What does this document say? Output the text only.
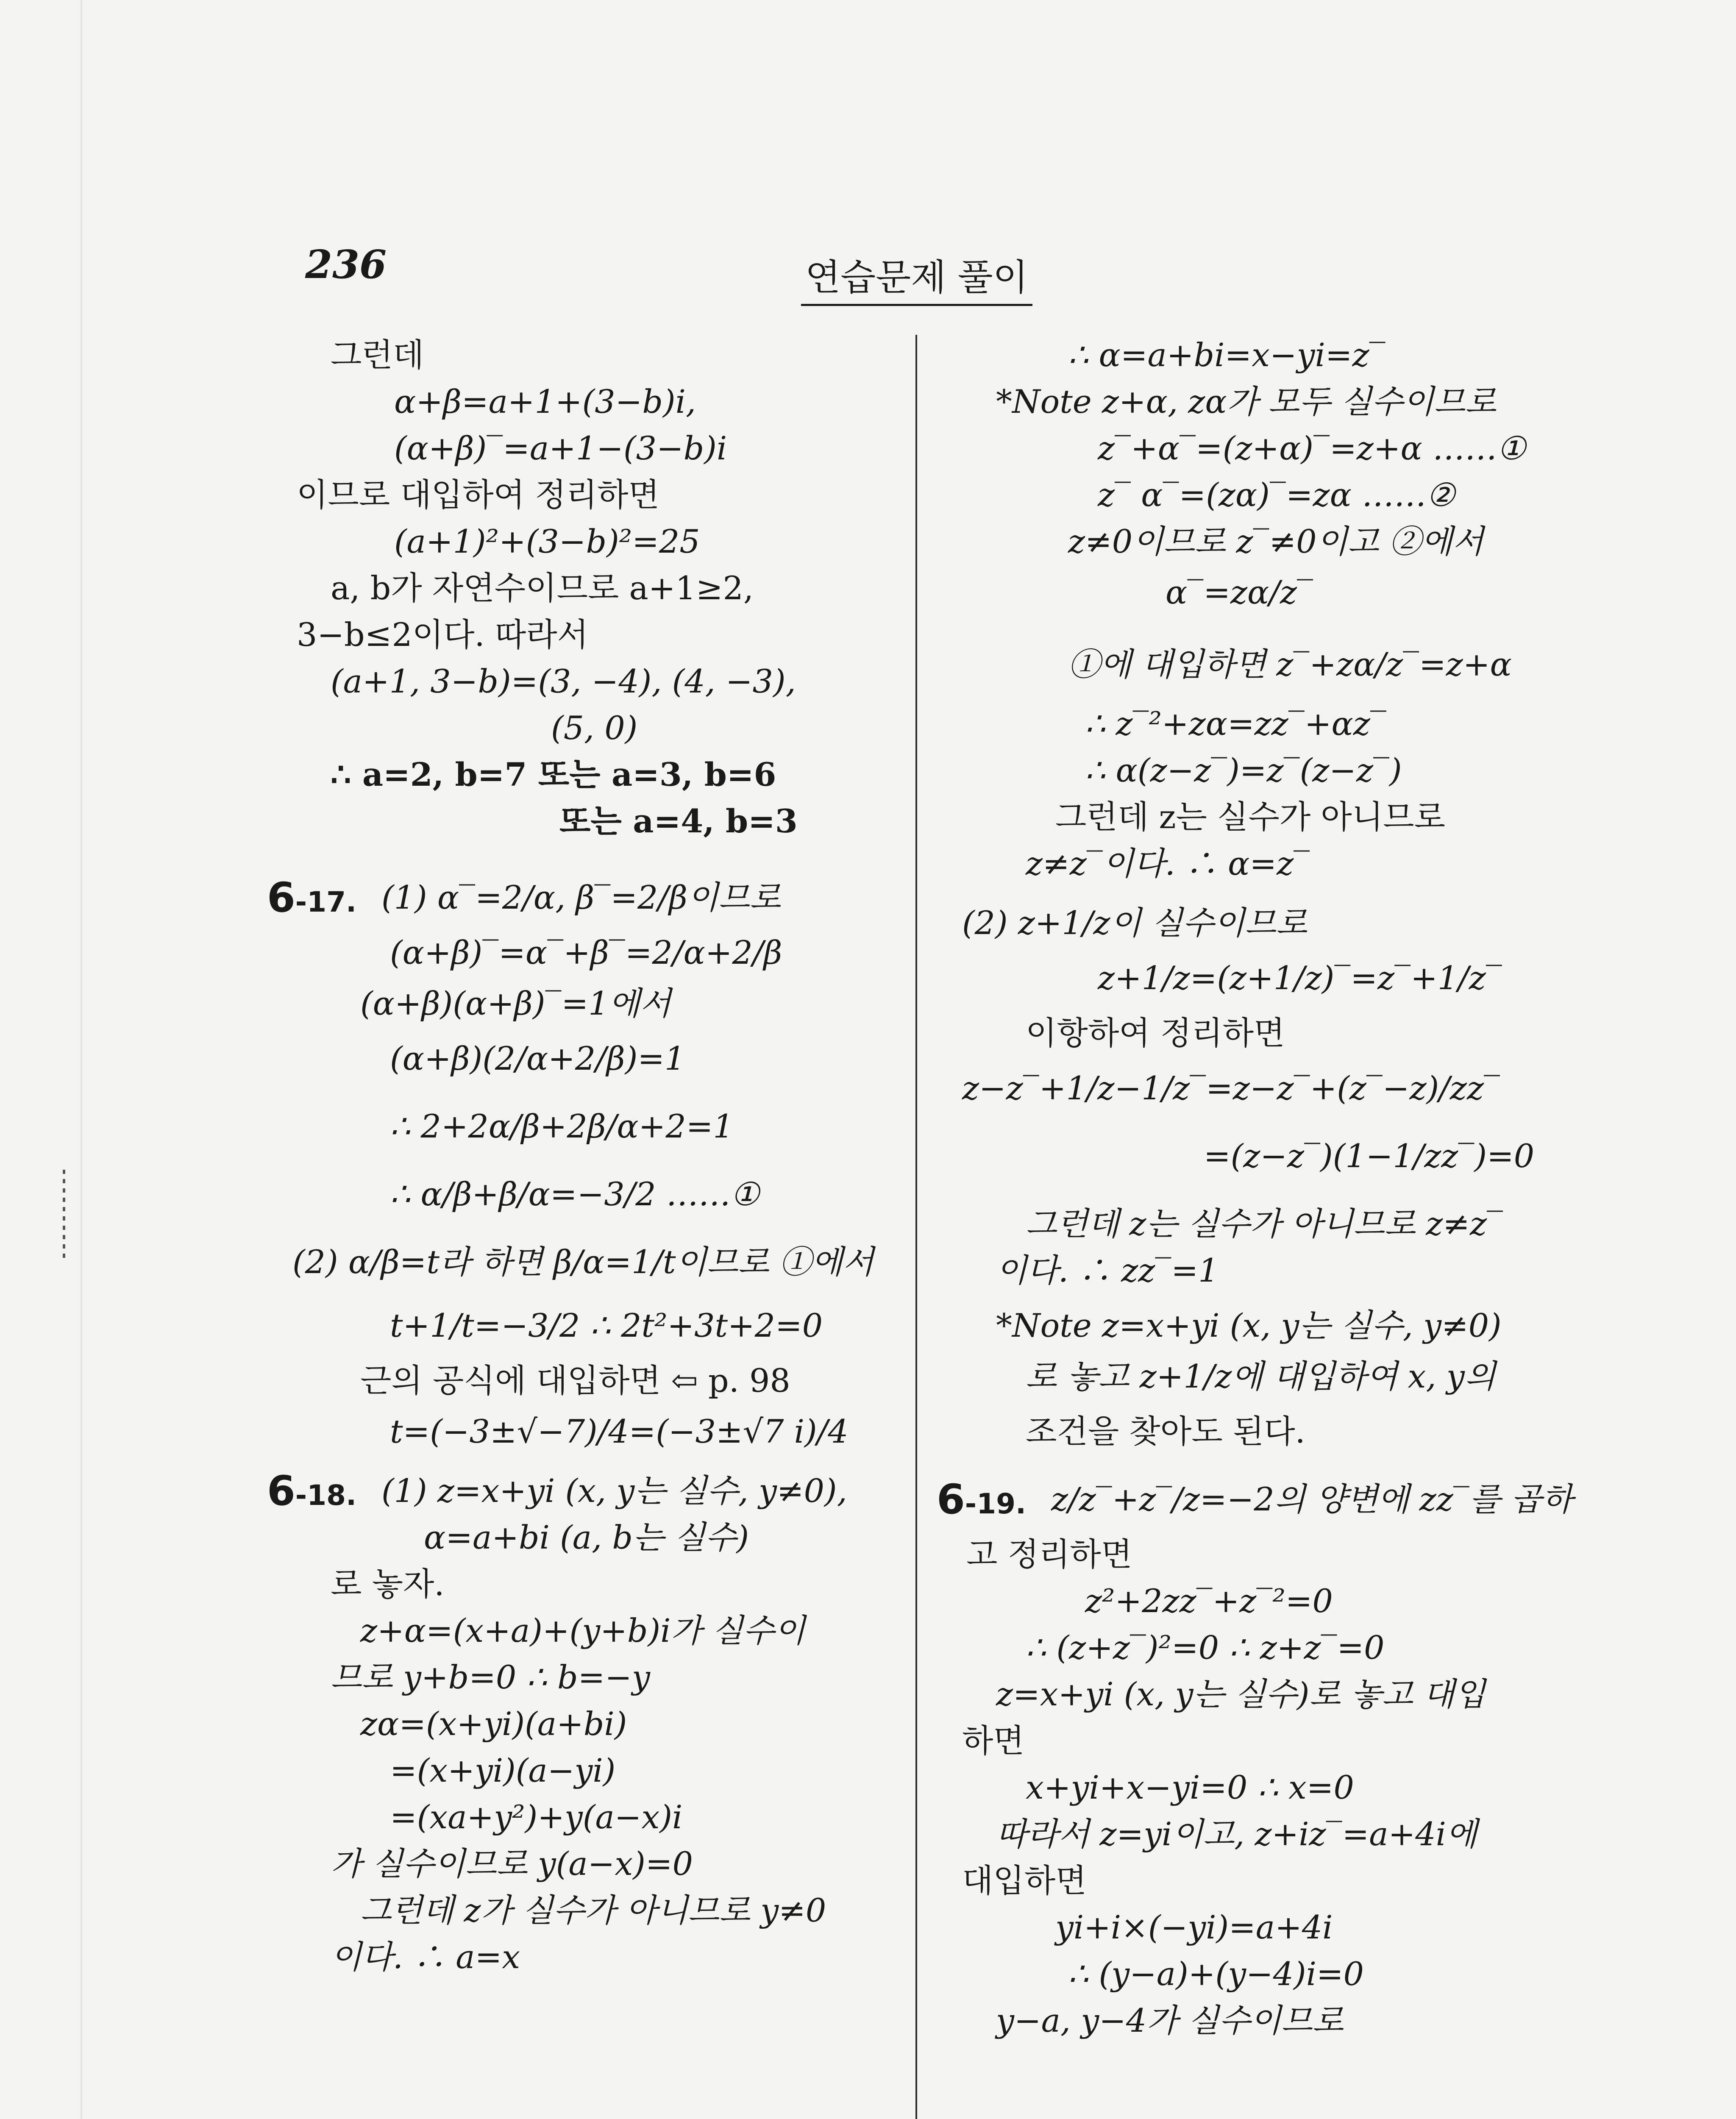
236	연습문제 풀이
그런데
α+β=a+1+(3−b)i,
(α+β)‾=a+1−(3−b)i
이므로 대입하여 정리하면
(a+1)²+(3−b)²=25
a, b가 자연수이므로 a+1≥2,
3−b≤2이다. 따라서
(a+1, 3−b)=(3, −4), (4, −3),
(5, 0)
∴ a=2, b=7 또는 a=3, b=6
또는 a=4, b=3
6-17. (1) α‾=2/α, β‾=2/β이므로
(α+β)‾=α‾+β‾=2/α+2/β
(α+β)(α+β)‾=1에서
(α+β)(2/α+2/β)=1
∴ 2+2α/β+2β/α+2=1
∴ α/β+β/α=−3/2 ……①
(2) α/β=t라 하면 β/α=1/t이므로 ①에서
t+1/t=−3/2 ∴ 2t²+3t+2=0
근의 공식에 대입하면 ⇦ p. 98
t=(−3±√−7)/4=(−3±√7 i)/4
6-18. (1) z=x+yi (x, y는 실수, y≠0),
α=a+bi (a, b는 실수)
로 놓자.
z+α=(x+a)+(y+b)i가 실수이
므로 y+b=0 ∴ b=−y
zα=(x+yi)(a+bi)
=(x+yi)(a−yi)
=(xa+y²)+y(a−x)i
가 실수이므로 y(a−x)=0
그런데 z가 실수가 아니므로 y≠0
이다. ∴ a=x
∴ α=a+bi=x−yi=z‾
*Note z+α, zα가 모두 실수이므로
z‾+α‾=(z+α)‾=z+α ……①
z‾ α‾=(zα)‾=zα ……②
z≠0이므로 z‾≠0이고 ②에서
α‾=zα/z‾
①에 대입하면 z‾+zα/z‾=z+α
∴ z‾²+zα=zz‾+αz‾
∴ α(z−z‾)=z‾(z−z‾)
그런데 z는 실수가 아니므로
z≠z‾이다. ∴ α=z‾
(2) z+1/z이 실수이므로
z+1/z=(z+1/z)‾=z‾+1/z‾
이항하여 정리하면
z−z‾+1/z−1/z‾=z−z‾+(z‾−z)/zz‾
=(z−z‾)(1−1/zz‾)=0
그런데 z는 실수가 아니므로 z≠z‾
이다. ∴ zz‾=1
*Note z=x+yi (x, y는 실수, y≠0)
로 놓고 z+1/z에 대입하여 x, y의
조건을 찾아도 된다.
6-19. z/z‾+z‾/z=−2의 양변에 zz‾를 곱하
고 정리하면
z²+2zz‾+z‾²=0
∴ (z+z‾)²=0 ∴ z+z‾=0
z=x+yi (x, y는 실수)로 놓고 대입
하면
x+yi+x−yi=0 ∴ x=0
따라서 z=yi이고, z+iz‾=a+4i에
대입하면
yi+i×(−yi)=a+4i
∴ (y−a)+(y−4)i=0
y−a, y−4가 실수이므로
